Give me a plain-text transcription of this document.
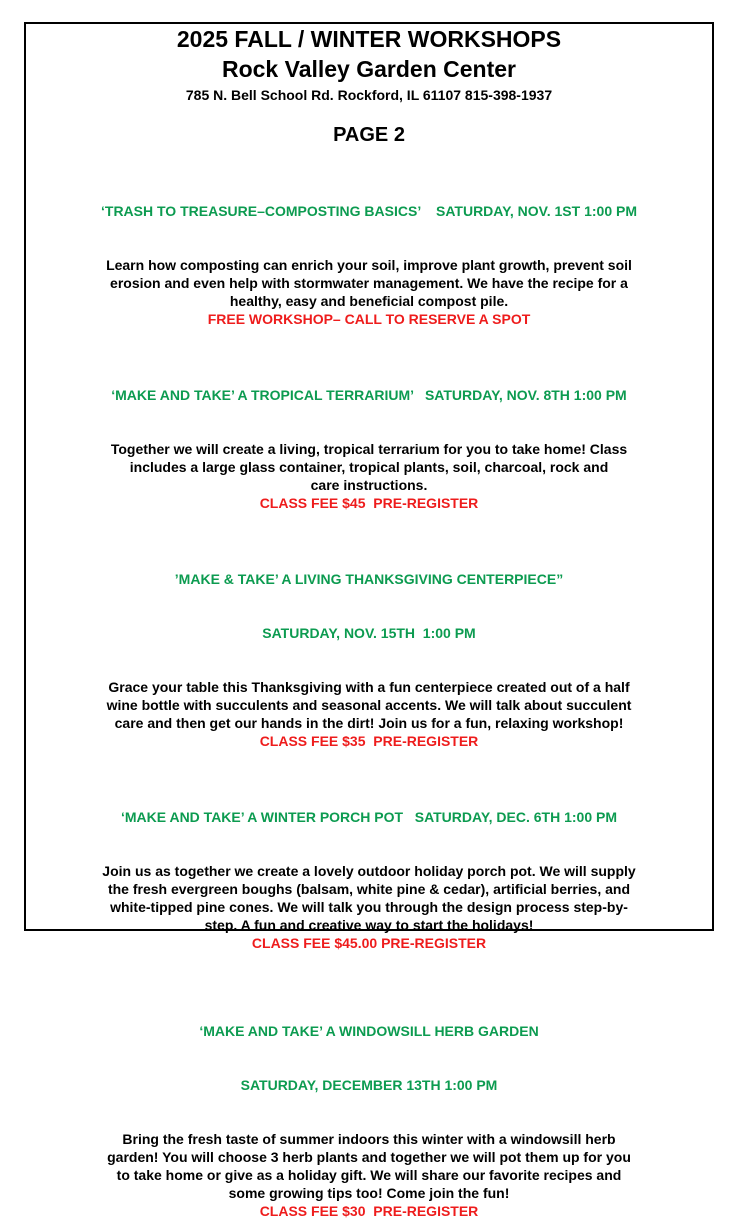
2025 FALL / WINTER WORKSHOPS
Rock Valley Garden Center
785 N. Bell School Rd. Rockford, IL 61107 815-398-1937
PAGE 2

‘TRASH TO TREASURE–COMPOSTING BASICS’    SATURDAY, NOV. 1ST 1:00 PM

Learn how composting can enrich your soil, improve plant growth, prevent soil
erosion and even help with stormwater management. We have the recipe for a
healthy, easy and beneficial compost pile.
FREE WORKSHOP– CALL TO RESERVE A SPOT

‘MAKE AND TAKE’ A TROPICAL TERRARIUM’   SATURDAY, NOV. 8TH 1:00 PM

Together we will create a living, tropical terrarium for you to take home! Class
includes a large glass container, tropical plants, soil, charcoal, rock and
care instructions.
CLASS FEE $45  PRE-REGISTER

’MAKE & TAKE’ A LIVING THANKSGIVING CENTERPIECE”

SATURDAY, NOV. 15TH  1:00 PM

Grace your table this Thanksgiving with a fun centerpiece created out of a half
wine bottle with succulents and seasonal accents. We will talk about succulent
care and then get our hands in the dirt! Join us for a fun, relaxing workshop!
CLASS FEE $35  PRE-REGISTER

‘MAKE AND TAKE’ A WINTER PORCH POT   SATURDAY, DEC. 6TH 1:00 PM

Join us as together we create a lovely outdoor holiday porch pot. We will supply
the fresh evergreen boughs (balsam, white pine & cedar), artificial berries, and
white-tipped pine cones. We will talk you through the design process step-by-
step. A fun and creative way to start the holidays!
CLASS FEE $45.00 PRE-REGISTER

‘MAKE AND TAKE’ A WINDOWSILL HERB GARDEN

SATURDAY, DECEMBER 13TH 1:00 PM

Bring the fresh taste of summer indoors this winter with a windowsill herb
garden! You will choose 3 herb plants and together we will pot them up for you
to take home or give as a holiday gift. We will share our favorite recipes and
some growing tips too! Come join the fun!
CLASS FEE $30  PRE-REGISTER
